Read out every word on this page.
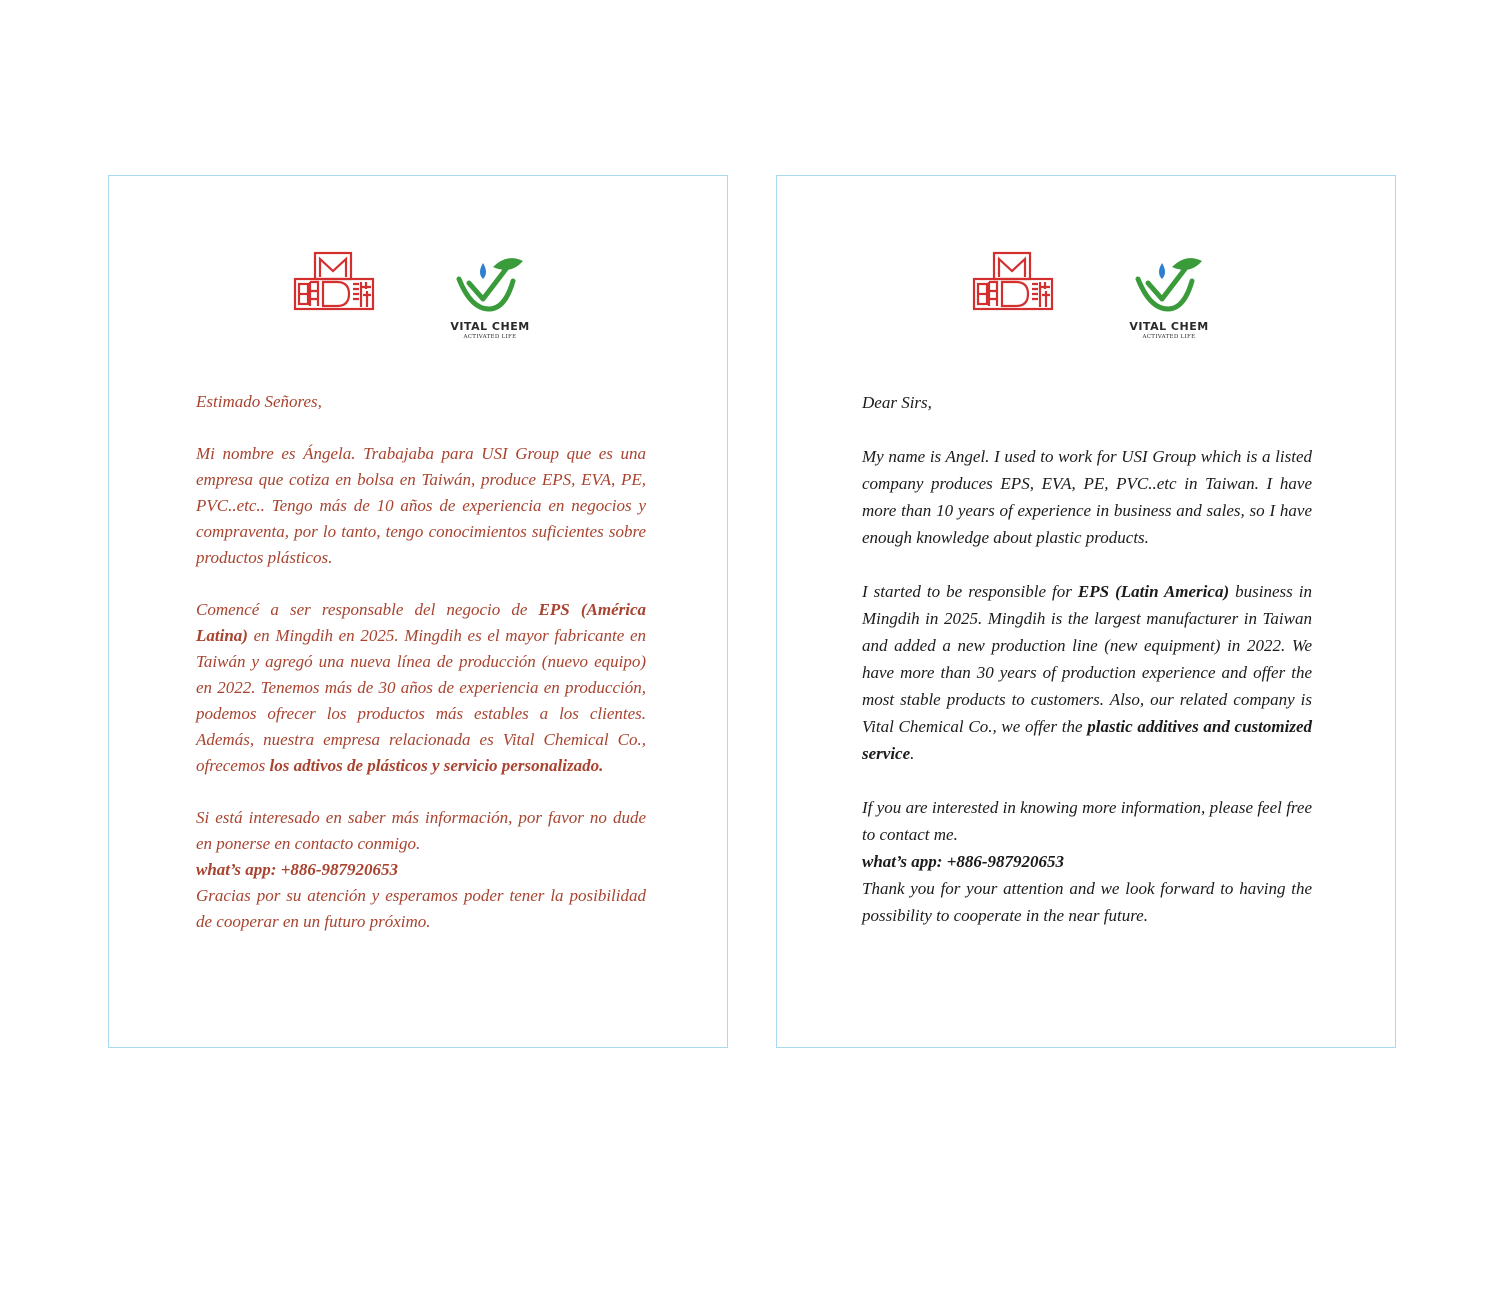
VITAL CHEM
ACTIVATED LIFE

Estimado Señores,

Mi nombre es Ángela. Trabajaba para USI Group que es una empresa que cotiza en bolsa en Taiwán, produce EPS, EVA, PE, PVC..etc.. Tengo más de 10 años de experiencia en negocios y compraventa, por lo tanto, tengo conocimientos suficientes sobre productos plásticos.

Comencé a ser responsable del negocio de EPS (América Latina) en Mingdih en 2025. Mingdih es el mayor fabricante en Taiwán y agregó una nueva línea de producción (nuevo equipo) en 2022. Tenemos más de 30 años de experiencia en producción, podemos ofrecer los productos más estables a los clientes. Además, nuestra empresa relacionada es Vital Chemical Co., ofrecemos los adtivos de plásticos y servicio personalizado.

Si está interesado en saber más información, por favor no dude en ponerse en contacto conmigo.

what’s app: +886-987920653

Gracias por su atención y esperamos poder tener la posibilidad de cooperar en un futuro próximo.

VITAL CHEM
ACTIVATED LIFE

Dear Sirs,

My name is Angel. I used to work for USI Group which is a listed company produces EPS, EVA, PE, PVC..etc in Taiwan. I have more than 10 years of experience in business and sales, so I have enough knowledge about plastic products.

I started to be responsible for EPS (Latin America) business in Mingdih in 2025. Mingdih is the largest manufacturer in Taiwan and added a new production line (new equipment) in 2022. We have more than 30 years of production experience and offer the most stable products to customers. Also, our related company is Vital Chemical Co., we offer the plastic additives and customized service.

If you are interested in knowing more information, please feel free to contact me.

what’s app: +886-987920653

Thank you for your attention and we look forward to having the possibility to cooperate in the near future.
